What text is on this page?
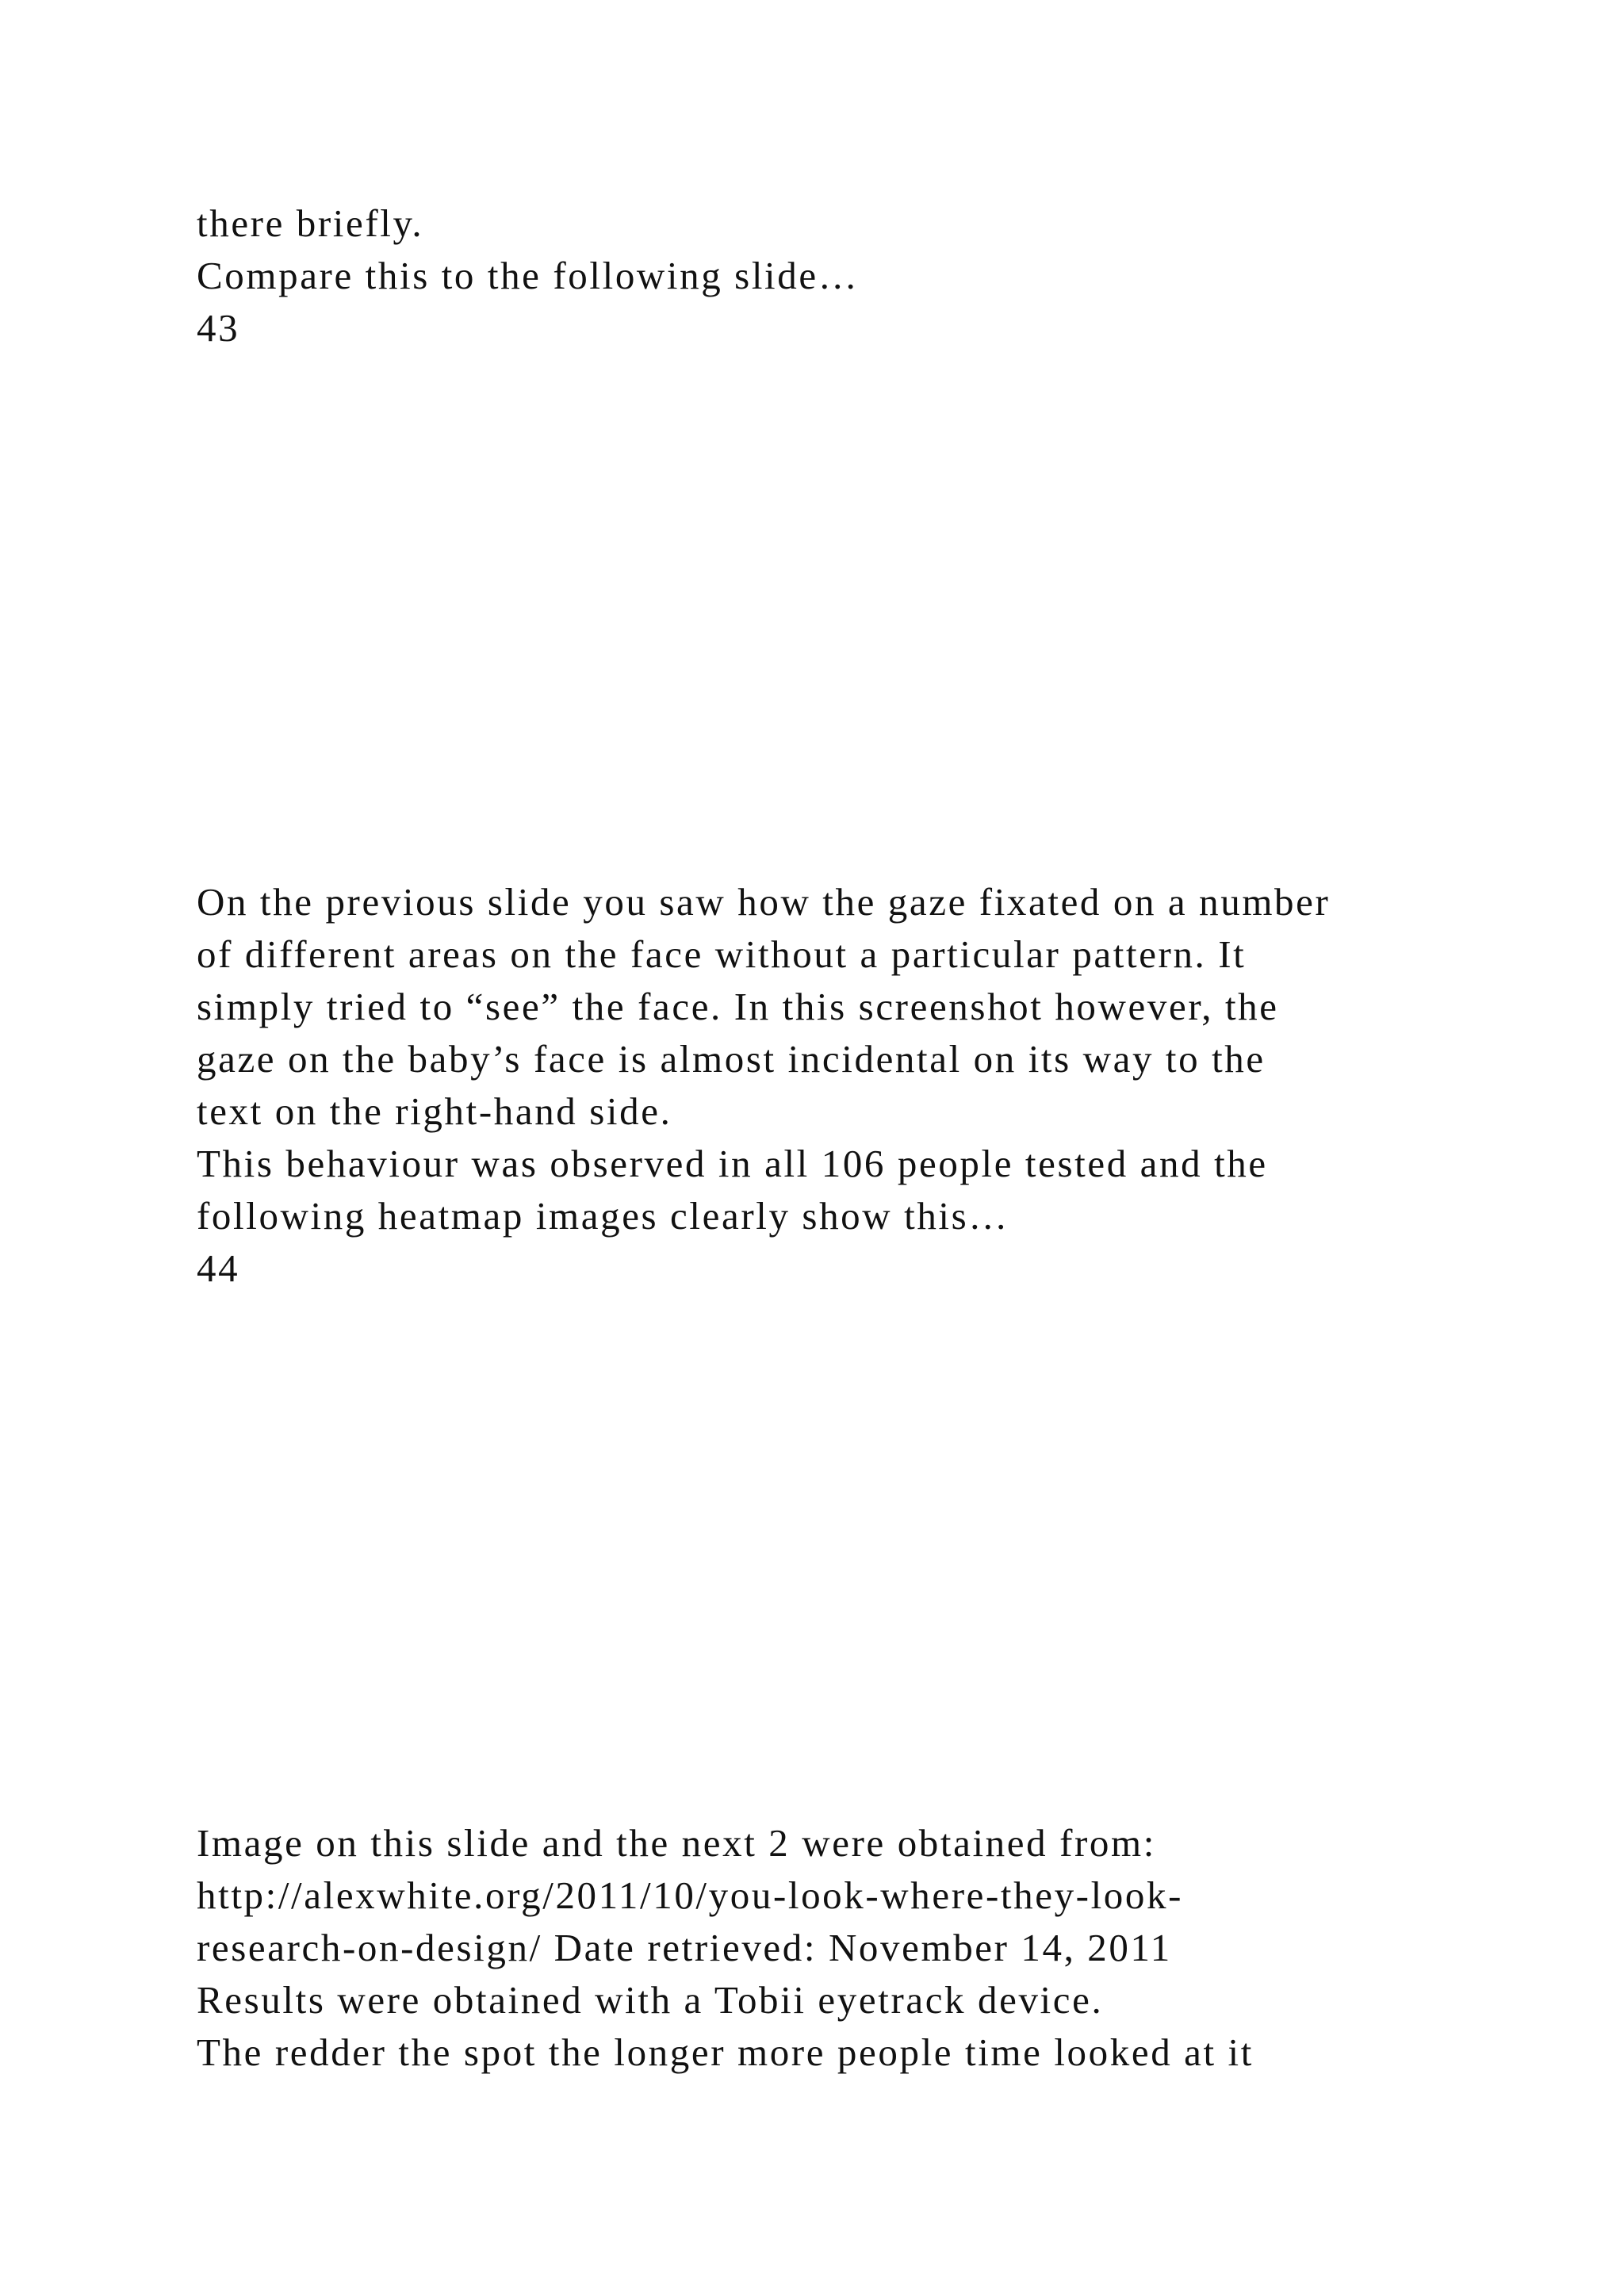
there briefly.

Compare this to the following slide…

43

On the previous slide you saw how the gaze fixated on a number

of different areas on the face without a particular pattern. It

simply tried to “see” the face. In this screenshot however, the

gaze on the baby’s face is almost incidental on its way to the

text on the right-hand side.

This behaviour was observed in all 106 people tested and the

following heatmap images clearly show this…

44

Image on this slide and the next 2 were obtained from:

http://alexwhite.org/2011/10/you-look-where-they-look-

research-on-design/ Date retrieved: November 14, 2011

Results were obtained with a Tobii eyetrack device.

The redder the spot the longer more people time looked at it
